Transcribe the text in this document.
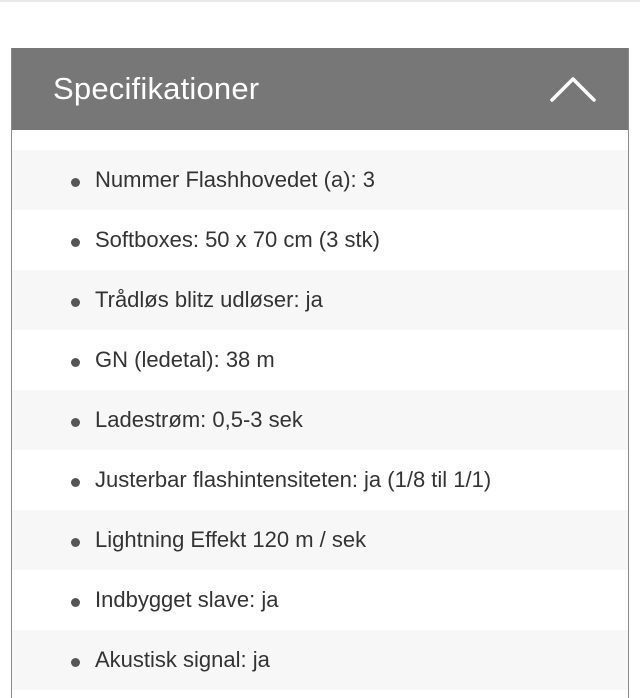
Specifikationer
Nummer Flashhovedet (a): 3
Softboxes: 50 x 70 cm (3 stk)
Trådløs blitz udløser: ja
GN (ledetal): 38 m
Ladestrøm: 0,5-3 sek
Justerbar flashintensiteten: ja (1/8 til 1/1)
Lightning Effekt 120 m / sek
Indbygget slave: ja
Akustisk signal: ja
